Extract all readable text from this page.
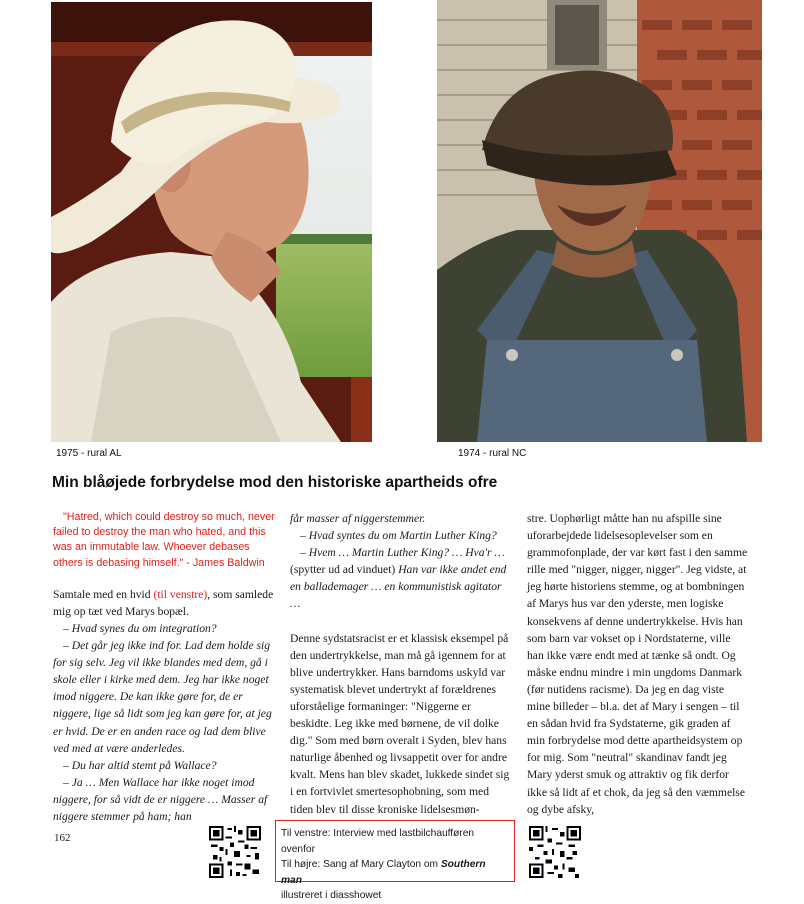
1975 - rural AL	1974 - rural NC
Min blåøjede forbrydelse mod den historiske apartheids ofre

"Hatred, which could destroy so much, never failed to destroy the man who hated, and this was an immutable law. Whoever debases others is debasing himself." - James Baldwin

Samtale med en hvid (til venstre), som samlede mig op tæt ved Marys bopæl.

– Hvad synes du om integration?

– Det går jeg ikke ind for. Lad dem holde sig for sig selv. Jeg vil ikke blandes med dem, gå i skole eller i kirke med dem. Jeg har ikke noget imod niggere. De kan ikke gøre for, de er niggere, lige så lidt som jeg kan gøre for, at jeg er hvid. De er en anden race og lad dem blive ved med at være anderledes.

– Du har altid stemt på Wallace?

– Ja … Men Wallace har ikke noget imod niggere, for så vidt de er niggere … Masser af niggere stemmer på ham; han

får masser af niggerstemmer.

– Hvad syntes du om Martin Luther King?

– Hvem … Martin Luther King? … Hva'r … (spytter ud ad vinduet) Han var ikke andet end en ballademager … en kommunistisk agitator …

Denne sydstatsracist er et klassisk eksempel på den undertrykkelse, man må gå igennem for at blive undertrykker. Hans barndoms uskyld var systematisk blevet undertrykt af forældrenes uforståelige formaninger: "Niggerne er beskidte. Leg ikke med børnene, de vil dolke dig." Som med børn overalt i Syden, blev hans naturlige åbenhed og livsappetit over for andre kvalt. Mens han blev skadet, lukkede sindet sig i en fortvivlet smertesophobning, som med tiden blev til disse kroniske lidelsesmøn-

stre. Uophørligt måtte han nu afspille sine uforarbejdede lidelsesoplevelser som en grammofonplade, der var kørt fast i den samme rille med "nigger, nigger, nigger". Jeg vidste, at jeg hørte historiens stemme, og at bombningen af Marys hus var den yderste, men logiske konsekvens af denne undertrykkelse. Hvis han som barn var vokset op i Nordstaterne, ville han ikke være endt med at tænke så ondt. Og måske endnu mindre i min ungdoms Danmark (før nutidens racisme). Da jeg en dag viste mine billeder – bl.a. det af Mary i sengen – til en sådan hvid fra Sydstaterne, gik graden af min forbrydelse mod dette apartheidsystem op for mig. Som "neutral" skandinav fandt jeg Mary yderst smuk og attraktiv og fik derfor ikke så lidt af et chok, da jeg så den væmmelse og dybe afsky,

162	Til venstre: Interview med lastbilchaufføren ovenfor
Til højre: Sang af Mary Clayton om Southern man
illustreret i diasshowet
